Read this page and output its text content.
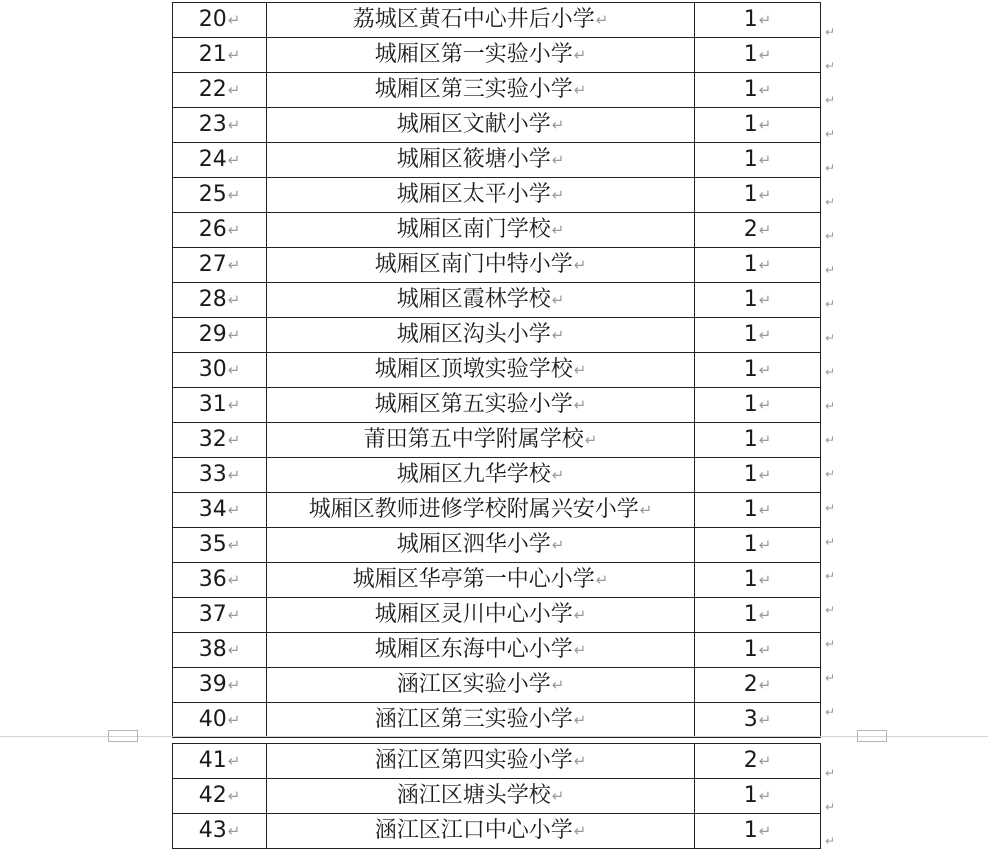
20↵	荔城区黄石中心井后小学↵	1↵
21↵	城厢区第一实验小学↵	1↵
22↵	城厢区第三实验小学↵	1↵
23↵	城厢区文献小学↵	1↵
24↵	城厢区筱塘小学↵	1↵
25↵	城厢区太平小学↵	1↵
26↵	城厢区南门学校↵	2↵
27↵	城厢区南门中特小学↵	1↵
28↵	城厢区霞林学校↵	1↵
29↵	城厢区沟头小学↵	1↵
30↵	城厢区顶墩实验学校↵	1↵
31↵	城厢区第五实验小学↵	1↵
32↵	莆田第五中学附属学校↵	1↵
33↵	城厢区九华学校↵	1↵
34↵	城厢区教师进修学校附属兴安小学↵	1↵
35↵	城厢区泗华小学↵	1↵
36↵	城厢区华亭第一中心小学↵	1↵
37↵	城厢区灵川中心小学↵	1↵
38↵	城厢区东海中心小学↵	1↵
39↵	涵江区实验小学↵	2↵
40↵	涵江区第三实验小学↵	3↵
41↵	涵江区第四实验小学↵	2↵
42↵	涵江区塘头学校↵	1↵
43↵	涵江区江口中心小学↵	1↵
↵
↵
↵
↵
↵
↵
↵
↵
↵
↵
↵
↵
↵
↵
↵
↵
↵
↵
↵
↵
↵
↵
↵
↵
